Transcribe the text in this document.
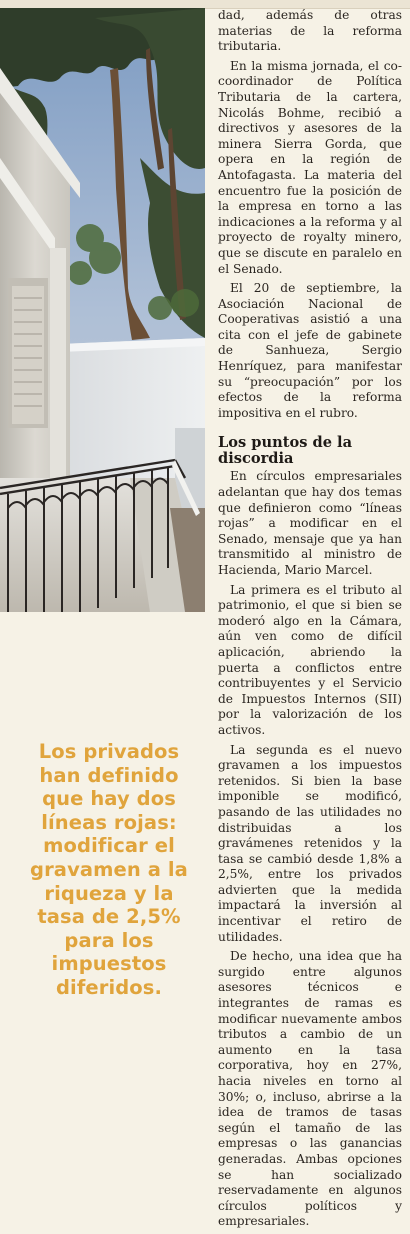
Los privados han definido que hay dos líneas rojas: modificar el gravamen a la riqueza y la tasa de 2,5% para los impuestos diferidos.

dad, además de otras materias de la reforma tributaria.

En la misma jornada, el co-coordinador de Política Tributaria de la cartera, Nicolás Bohme, recibió a directivos y asesores de la minera Sierra Gorda, que opera en la región de Antofagasta. La materia del encuentro fue la posición de la empresa en torno a las indicaciones a la reforma y al proyecto de royalty minero, que se discute en paralelo en el Senado.

El 20 de septiembre, la Asociación Nacional de Cooperativas asistió a una cita con el jefe de gabinete de Sanhueza, Sergio Henríquez, para manifestar su “preocupación” por los efectos de la reforma impositiva en el rubro.

Los puntos de la discordia

En círculos empresariales adelantan que hay dos temas que definieron como “líneas rojas” a modificar en el Senado, mensaje que ya han transmitido al ministro de Hacienda, Mario Marcel.

La primera es el tributo al patrimonio, el que si bien se moderó algo en la Cámara, aún ven como de difícil aplicación, abriendo la puerta a conflictos entre contribuyentes y el Servicio de Impuestos Internos (SII) por la valorización de los activos.

La segunda es el nuevo gravamen a los impuestos retenidos. Si bien la base imponible se modificó, pasando de las utilidades no distribuidas a los gravámenes retenidos y la tasa se cambió desde 1,8% a 2,5%, entre los privados advierten que la medida impactará la inversión al incentivar el retiro de utilidades.

De hecho, una idea que ha surgido entre algunos asesores técnicos e integrantes de ramas es modificar nuevamente ambos tributos a cambio de un aumento en la tasa corporativa, hoy en 27%, hacia niveles en torno al 30%; o, incluso, abrirse a la idea de tramos de tasas según el tamaño de las empresas o las ganancias generadas. Ambas opciones se han socializado reservadamente en algunos círculos políticos y empresariales.
